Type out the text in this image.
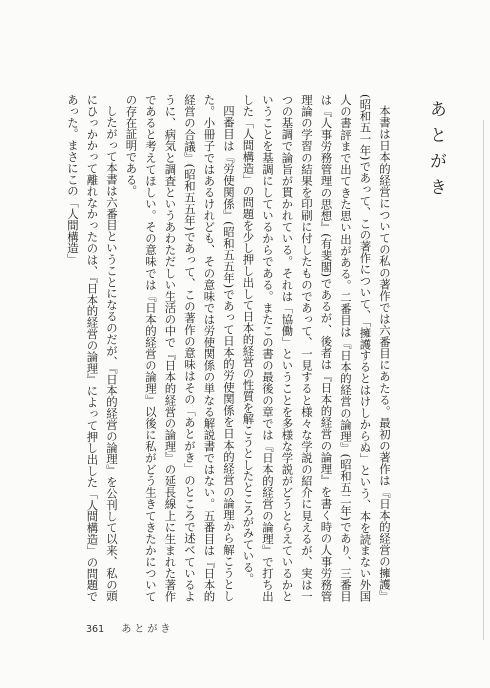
あとがき

本書は日本的経営についての私の著作では六番目にあたる。最初の著作は『日本的経営の擁護』(昭和五一年)であって、この著作について、「擁護するとはけしからぬ」という、本を読まない外国人の書評まで出てきた思い出がある。二番目は『日本的経営の論理』(昭和五二年)であり、三番目は『人事労務管理の思想』(有斐閣)であるが、後者は『日本的経営の論理』を書く時の人事労務管理論の学習の結果を印刷に付したものであって、一見すると様々な学説の紹介に見えるが、実は一つの基調で論旨が貫かれている。それは「協働」ということを多様な学説がどうとらえているかということを基調にしているからである。またこの書の最後の章では『日本的経営の論理』で打ち出した「人間構造」の問題を少し押し出して日本的経営の性質を解こうとしたところがみている。

四番目は『労使関係』(昭和五五年)であって日本的労使関係を日本的経営の論理から解こうとした。小冊子ではあるけれども、その意味では労使関係の単なる解説書ではない。五番目は『日本的経営の合議』(昭和五五年)であって、この著作の意味はその「あとがき」のところで述べているように、病気と調査というあわただしい生活の中で『日本的経営の論理』の延長線上に生まれた著作であると考えてほしい。その意味では『日本的経営の論理』以後に私がどう生きてきたかについての存在証明である。

したがって本書は六番目ということになるのだが、『日本的経営の論理』を公刊して以来、私の頭にひっかかって離れなかったのは、『日本的経営の論理』によって押し出した「人間構造」の問題であった。まさにこの「人間構造」

361 あとがき
